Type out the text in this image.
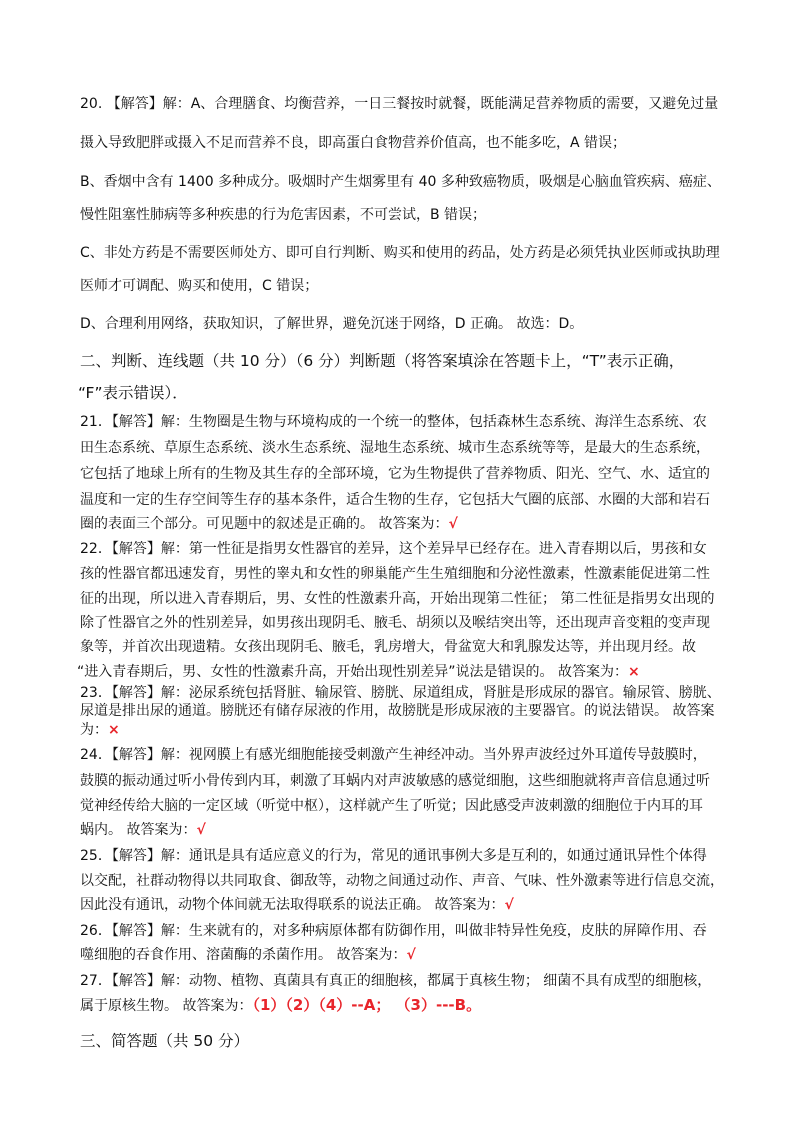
20. 【解答】解：A、合理膳食、均衡营养，一日三餐按时就餐，既能满足营养物质的需要，又避免过量
摄入导致肥胖或摄入不足而营养不良，即高蛋白食物营养价值高，也不能多吃，A 错误；
B、香烟中含有 1400 多种成分。吸烟时产生烟雾里有 40 多种致癌物质，吸烟是心脑血管疾病、癌症、
慢性阻塞性肺病等多种疾患的行为危害因素，不可尝试，B 错误；
C、非处方药是不需要医师处方、即可自行判断、购买和使用的药品，处方药是必须凭执业医师或执助理
医师才可调配、购买和使用，C 错误；
D、合理利用网络，获取知识，了解世界，避免沉迷于网络，D 正确。 故选：D。
二、判断、连线题（共 10 分）（6 分）判断题（将答案填涂在答题卡上，“T”表示正确，
“F”表示错误）．
21．【解答】解：生物圈是生物与环境构成的一个统一的整体，包括森林生态系统、海洋生态系统、农
田生态系统、草原生态系统、淡水生态系统、湿地生态系统、城市生态系统等等，是最大的生态系统，
它包括了地球上所有的生物及其生存的全部环境，它为生物提供了营养物质、阳光、空气、水、适宜的
温度和一定的生存空间等生存的基本条件，适合生物的生存，它包括大气圈的底部、水圈的大部和岩石
圈的表面三个部分。可见题中的叙述是正确的。 故答案为：√
22．【解答】解：第一性征是指男女性器官的差异，这个差异早已经存在。进入青春期以后，男孩和女
孩的性器官都迅速发育，男性的睾丸和女性的卵巢能产生生殖细胞和分泌性激素，性激素能促进第二性
征的出现，所以进入青春期后，男、女性的性激素升高，开始出现第二性征； 第二性征是指男女出现的
除了性器官之外的性别差异，如男孩出现阴毛、腋毛、胡须以及喉结突出等，还出现声音变粗的变声现
象等，并首次出现遗精。女孩出现阴毛、腋毛，乳房增大，骨盆宽大和乳腺发达等，并出现月经。故
“进入青春期后，男、女性的性激素升高，开始出现性别差异”说法是错误的。 故答案为：×
23．【解答】解：泌尿系统包括肾脏、输尿管、膀胱、尿道组成，肾脏是形成尿的器官。输尿管、膀胱、
尿道是排出尿的通道。膀胱还有储存尿液的作用，故膀胱是形成尿液的主要器官。的说法错误。 故答案
为：×
24．【解答】解：视网膜上有感光细胞能接受刺激产生神经冲动。当外界声波经过外耳道传导鼓膜时，
鼓膜的振动通过听小骨传到内耳，刺激了耳蜗内对声波敏感的感觉细胞，这些细胞就将声音信息通过听
觉神经传给大脑的一定区域（听觉中枢），这样就产生了听觉；因此感受声波刺激的细胞位于内耳的耳
蜗内。 故答案为：√
25．【解答】解：通讯是具有适应意义的行为，常见的通讯事例大多是互利的，如通过通讯异性个体得
以交配，社群动物得以共同取食、御敌等，动物之间通过动作、声音、气味、性外激素等进行信息交流，
因此没有通讯，动物个体间就无法取得联系的说法正确。 故答案为：√
26．【解答】解：生来就有的，对多种病原体都有防御作用，叫做非特异性免疫，皮肤的屏障作用、吞
噬细胞的吞食作用、溶菌酶的杀菌作用。 故答案为：√
27．【解答】解：动物、植物、真菌具有真正的细胞核，都属于真核生物； 细菌不具有成型的细胞核，
属于原核生物。 故答案为：（1）（2）（4）--A； （3）---B。
三、简答题（共 50 分）
